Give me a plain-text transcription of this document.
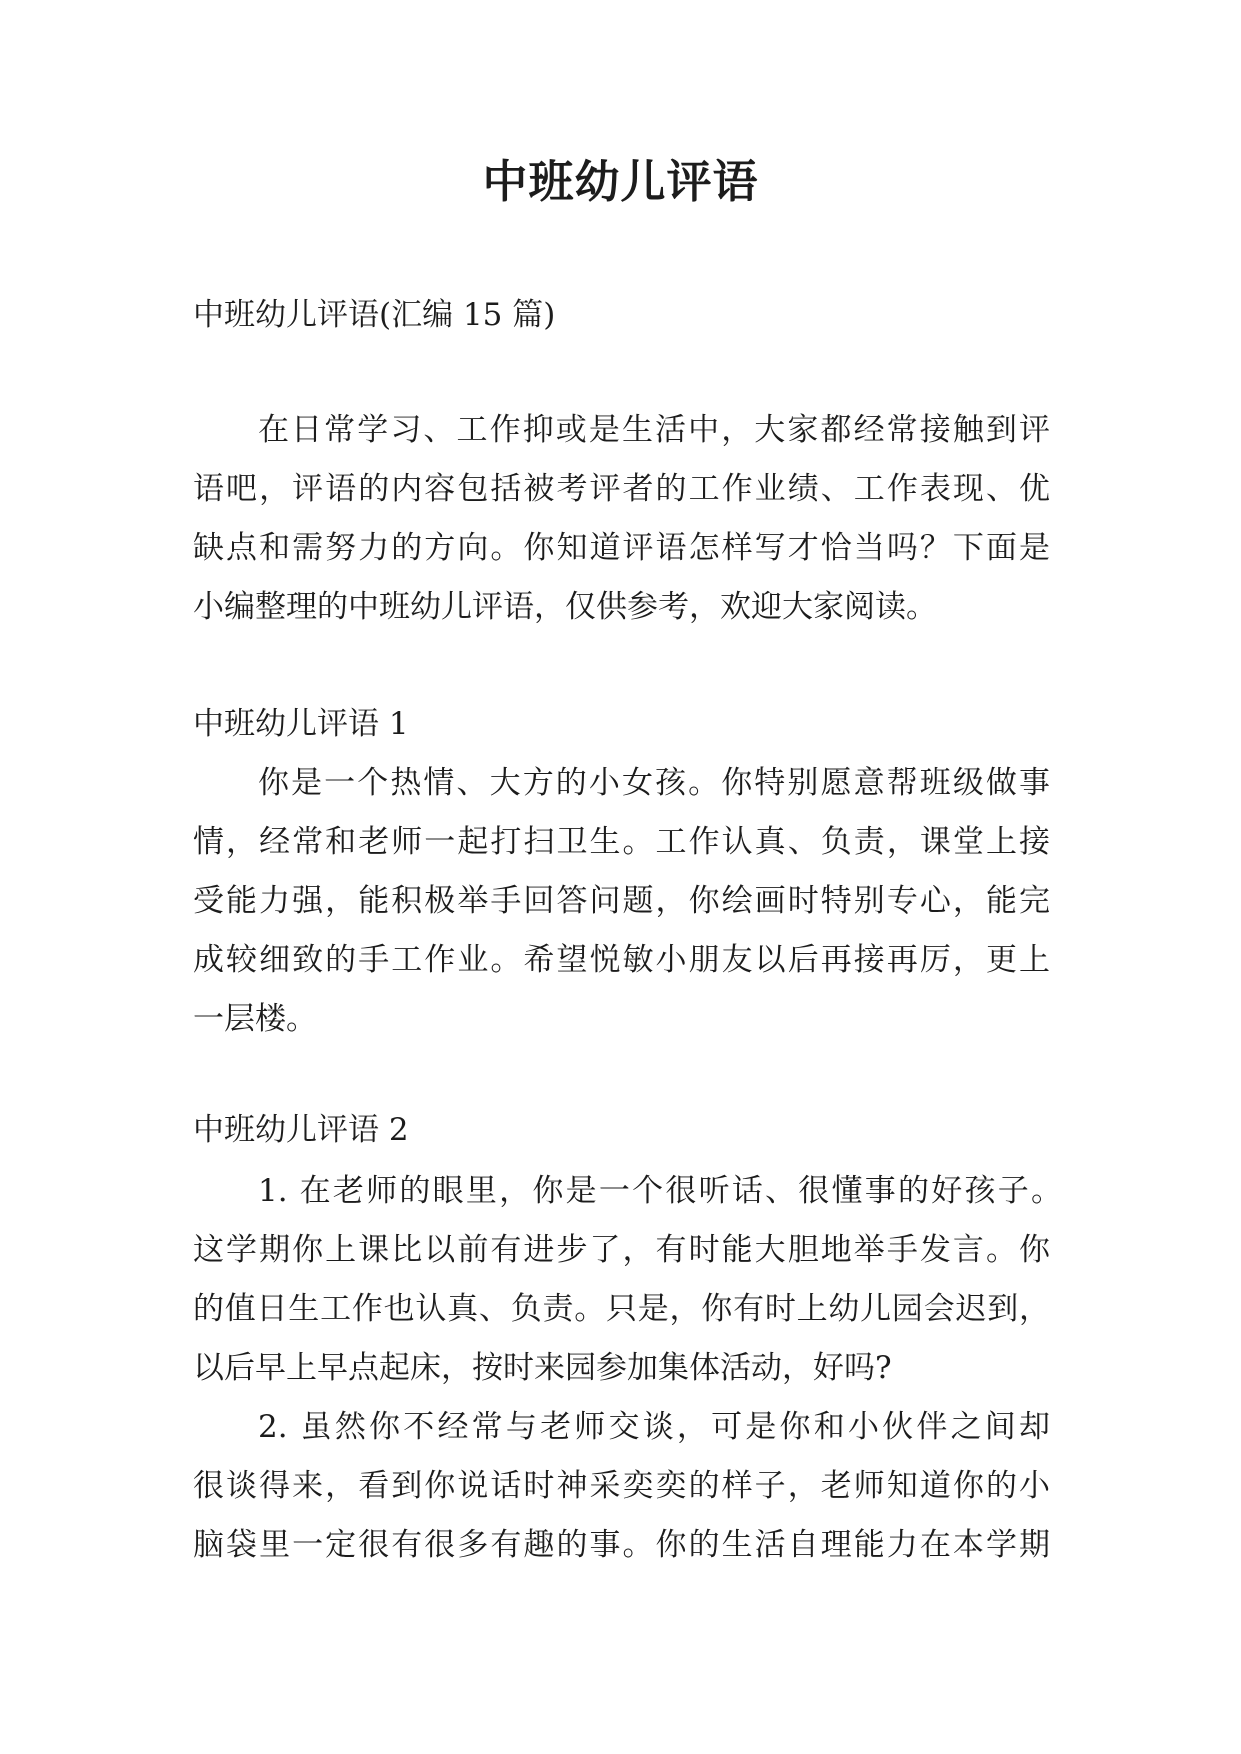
中班幼儿评语
中班幼儿评语(汇编 15 篇)
在日常学习、工作抑或是生活中，大家都经常接触到评
语吧，评语的内容包括被考评者的工作业绩、工作表现、优
缺点和需努力的方向。你知道评语怎样写才恰当吗？下面是
小编整理的中班幼儿评语，仅供参考，欢迎大家阅读。
中班幼儿评语 1
你是一个热情、大方的小女孩。你特别愿意帮班级做事
情，经常和老师一起打扫卫生。工作认真、负责，课堂上接
受能力强，能积极举手回答问题，你绘画时特别专心，能完
成较细致的手工作业。希望悦敏小朋友以后再接再厉，更上
一层楼。
中班幼儿评语 2
1. 在老师的眼里，你是一个很听话、很懂事的好孩子。
这学期你上课比以前有进步了，有时能大胆地举手发言。你
的值日生工作也认真、负责。只是，你有时上幼儿园会迟到，
以后早上早点起床，按时来园参加集体活动，好吗?
2. 虽然你不经常与老师交谈，可是你和小伙伴之间却
很谈得来，看到你说话时神采奕奕的样子，老师知道你的小
脑袋里一定很有很多有趣的事。你的生活自理能力在本学期
